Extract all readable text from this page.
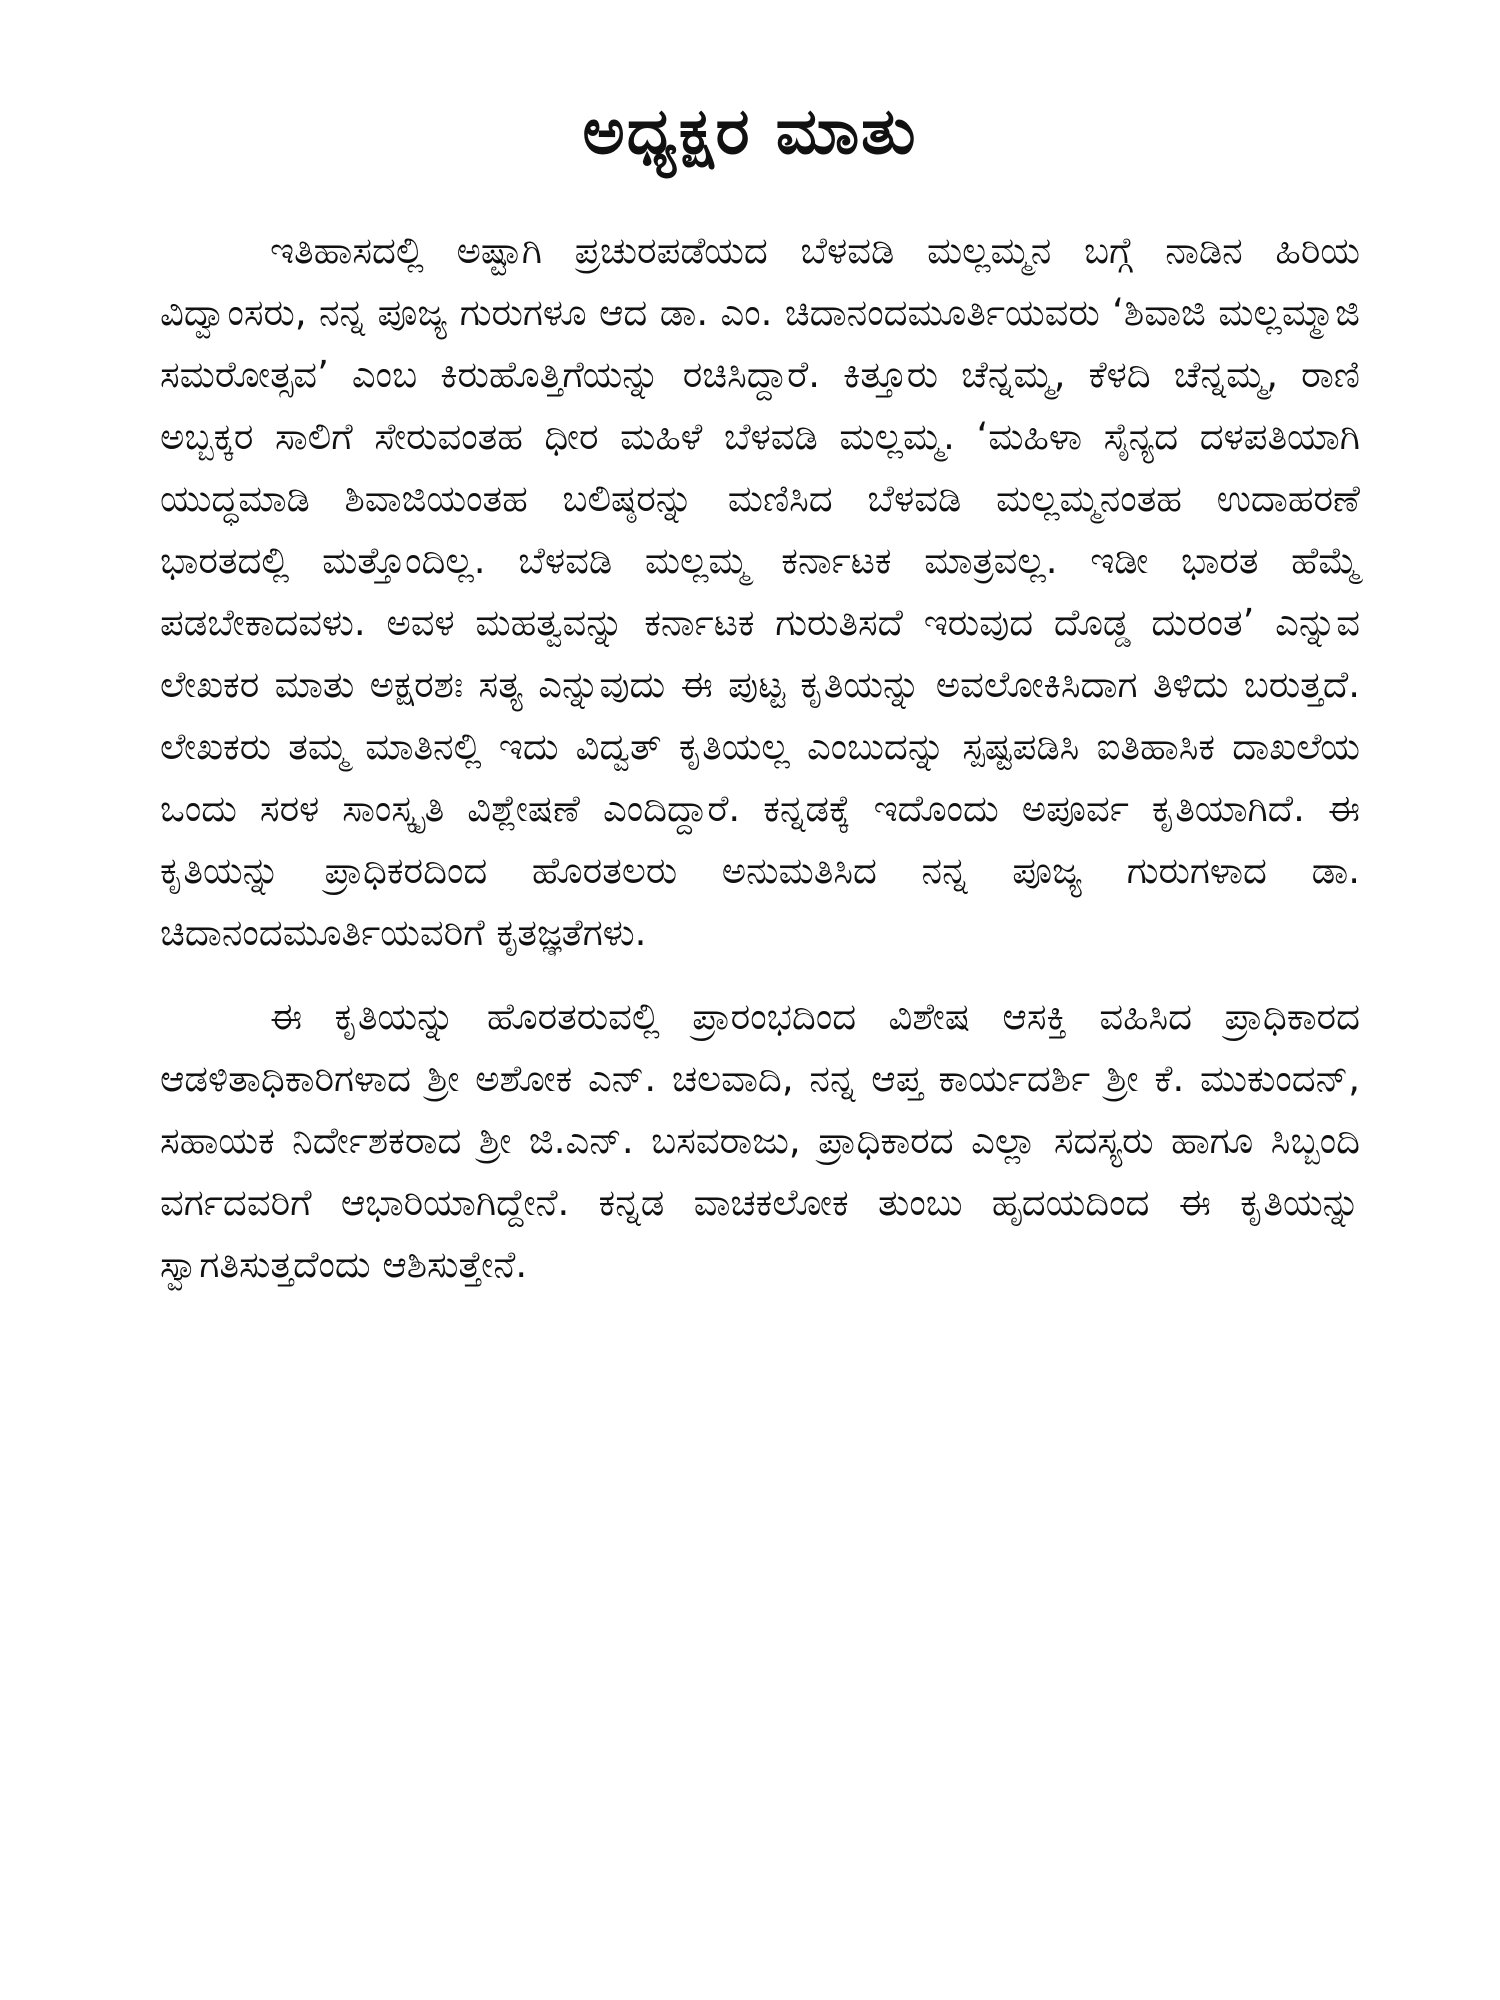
ಅಧ್ಯಕ್ಷರ ಮಾತು

ಇತಿಹಾಸದಲ್ಲಿ ಅಷ್ಟಾಗಿ ಪ್ರಚುರಪಡೆಯದ ಬೆಳವಡಿ ಮಲ್ಲಮ್ಮನ ಬಗ್ಗೆ ನಾಡಿನ ಹಿರಿಯ ವಿದ್ವಾಂಸರು, ನನ್ನ ಪೂಜ್ಯ ಗುರುಗಳೂ ಆದ ಡಾ. ಎಂ. ಚಿದಾನಂದಮೂರ್ತಿಯವರು ‘ಶಿವಾಜಿ ಮಲ್ಲಮ್ಮಾಜಿ ಸಮರೋತ್ಸವ’ ಎಂಬ ಕಿರುಹೊತ್ತಿಗೆಯನ್ನು ರಚಿಸಿದ್ದಾರೆ. ಕಿತ್ತೂರು ಚೆನ್ನಮ್ಮ, ಕೆಳದಿ ಚೆನ್ನಮ್ಮ, ರಾಣಿ ಅಬ್ಬಕ್ಕರ ಸಾಲಿಗೆ ಸೇರುವಂತಹ ಧೀರ ಮಹಿಳೆ ಬೆಳವಡಿ ಮಲ್ಲಮ್ಮ. ‘ಮಹಿಳಾ ಸೈನ್ಯದ ದಳಪತಿಯಾಗಿ ಯುದ್ಧಮಾಡಿ ಶಿವಾಜಿಯಂತಹ ಬಲಿಷ್ಠರನ್ನು ಮಣಿಸಿದ ಬೆಳವಡಿ ಮಲ್ಲಮ್ಮನಂತಹ ಉದಾಹರಣೆ ಭಾರತದಲ್ಲಿ ಮತ್ತೊಂದಿಲ್ಲ. ಬೆಳವಡಿ ಮಲ್ಲಮ್ಮ ಕರ್ನಾಟಕ ಮಾತ್ರವಲ್ಲ. ಇಡೀ ಭಾರತ ಹೆಮ್ಮೆ ಪಡಬೇಕಾದವಳು. ಅವಳ ಮಹತ್ವವನ್ನು ಕರ್ನಾಟಕ ಗುರುತಿಸದೆ ಇರುವುದ ದೊಡ್ಡ ದುರಂತ’ ಎನ್ನುವ ಲೇಖಕರ ಮಾತು ಅಕ್ಷರಶಃ ಸತ್ಯ ಎನ್ನುವುದು ಈ ಪುಟ್ಟ ಕೃತಿಯನ್ನು ಅವಲೋಕಿಸಿದಾಗ ತಿಳಿದು ಬರುತ್ತದೆ. ಲೇಖಕರು ತಮ್ಮ ಮಾತಿನಲ್ಲಿ ಇದು ವಿದ್ವತ್ ಕೃತಿಯಲ್ಲ ಎಂಬುದನ್ನು ಸ್ಪಷ್ಟಪಡಿಸಿ ಐತಿಹಾಸಿಕ ದಾಖಲೆಯ ಒಂದು ಸರಳ ಸಾಂಸ್ಕೃತಿ ವಿಶ್ಲೇಷಣೆ ಎಂದಿದ್ದಾರೆ. ಕನ್ನಡಕ್ಕೆ ಇದೊಂದು ಅಪೂರ್ವ ಕೃತಿಯಾಗಿದೆ. ಈ ಕೃತಿಯನ್ನು ಪ್ರಾಧಿಕರದಿಂದ ಹೊರತಲರು ಅನುಮತಿಸಿದ ನನ್ನ ಪೂಜ್ಯ ಗುರುಗಳಾದ ಡಾ. ಚಿದಾನಂದಮೂರ್ತಿಯವರಿಗೆ ಕೃತಜ್ಞತೆಗಳು.

ಈ ಕೃತಿಯನ್ನು ಹೊರತರುವಲ್ಲಿ ಪ್ರಾರಂಭದಿಂದ ವಿಶೇಷ ಆಸಕ್ತಿ ವಹಿಸಿದ ಪ್ರಾಧಿಕಾರದ ಆಡಳಿತಾಧಿಕಾರಿಗಳಾದ ಶ್ರೀ ಅಶೋಕ ಎನ್. ಚಲವಾದಿ, ನನ್ನ ಆಪ್ತ ಕಾರ್ಯದರ್ಶಿ ಶ್ರೀ ಕೆ. ಮುಕುಂದನ್, ಸಹಾಯಕ ನಿರ್ದೇಶಕರಾದ ಶ್ರೀ ಜಿ.ಎನ್. ಬಸವರಾಜು, ಪ್ರಾಧಿಕಾರದ ಎಲ್ಲಾ ಸದಸ್ಯರು ಹಾಗೂ ಸಿಬ್ಬಂದಿ ವರ್ಗದವರಿಗೆ ಆಭಾರಿಯಾಗಿದ್ದೇನೆ. ಕನ್ನಡ ವಾಚಕಲೋಕ ತುಂಬು ಹೃದಯದಿಂದ ಈ ಕೃತಿಯನ್ನು ಸ್ವಾಗತಿಸುತ್ತದೆಂದು ಆಶಿಸುತ್ತೇನೆ.
